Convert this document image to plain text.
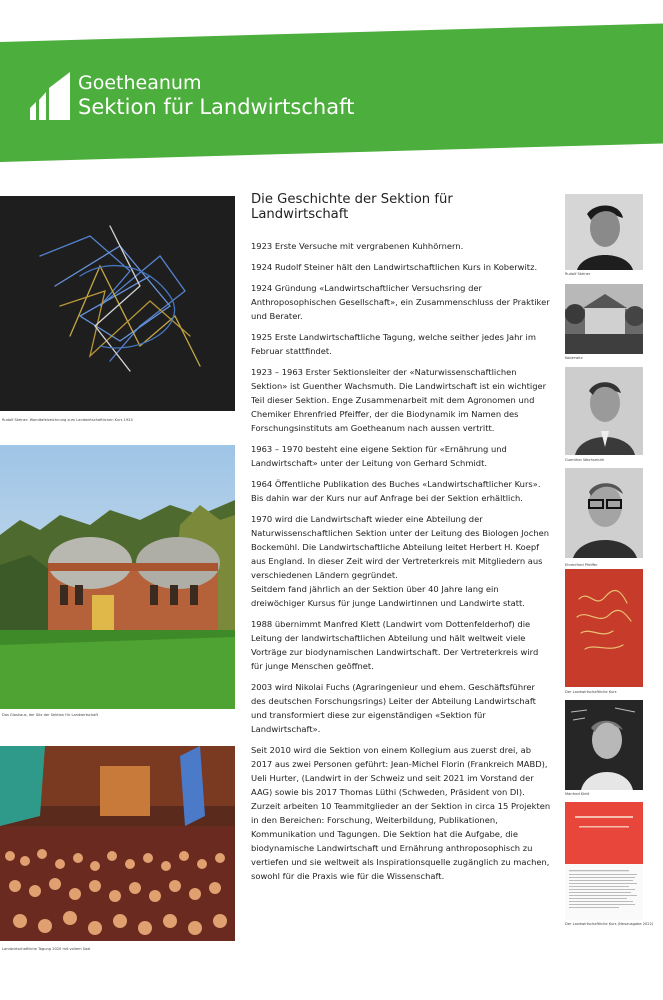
Goetheanum
Sektion für Landwirtschaft
Rudolf Steiner: Wandtafelzeichnung zum Landwirtschaftlichen Kurs 1924
Das Glashaus, der Sitz der Sektion für Landwirtschaft
Landwirtschaftliche Tagung 2020 mit vollem Saal
Die Geschichte der Sektion für Landwirtschaft

1923 Erste Versuche mit vergrabenen Kuhhörnern.

1924 Rudolf Steiner hält den Landwirtschaftlichen Kurs in Koberwitz.

1924 Gründung «Landwirtschaftlicher Versuchsring der Anthroposophischen Gesellschaft», ein Zusammenschluss der Praktiker und Berater.

1925 Erste Landwirtschaftliche Tagung, welche seither jedes Jahr im Februar stattfindet.

1923 – 1963 Erster Sektionsleiter der «Naturwissenschaftlichen Sektion» ist Guenther Wachsmuth. Die Landwirtschaft ist ein wichtiger Teil dieser Sektion. Enge Zusammenarbeit mit dem Agronomen und Chemiker Ehrenfried Pfeiffer, der die Biodynamik im Namen des Forschungsinstituts am Goetheanum nach aussen vertritt.

1963 – 1970 besteht eine eigene Sektion für «Ernährung und Landwirtschaft» unter der Leitung von Gerhard Schmidt.

1964 Öffentliche Publikation des Buches «Landwirtschaftlicher Kurs». Bis dahin war der Kurs nur auf Anfrage bei der Sektion erhältlich.

1970 wird die Landwirtschaft wieder eine Abteilung der Naturwissenschaftlichen Sektion unter der Leitung des Biologen Jochen Bockemühl. Die Landwirtschaftliche Abteilung leitet Herbert H. Koepf aus England. In dieser Zeit wird der Vertreterkreis mit Mitgliedern aus verschiedenen Ländern gegründet.

Seitdem fand jährlich an der Sektion über 40 Jahre lang ein dreiwöchiger Kursus für junge Landwirtinnen und Landwirte statt.

1988 übernimmt Manfred Klett (Landwirt vom Dottenfelderhof) die Leitung der landwirtschaftlichen Abteilung und hält weltweit viele Vorträge zur biodynamischen Landwirtschaft. Der Vertreterkreis wird für junge Menschen geöffnet.

2003 wird Nikolai Fuchs (Agraringenieur und ehem. Geschäftsführer des deutschen Forschungsrings) Leiter der Abteilung Landwirtschaft und transformiert diese zur eigenständigen «Sektion für Landwirtschaft».

Seit 2010 wird die Sektion von einem Kollegium aus zuerst drei, ab 2017 aus zwei Personen geführt: Jean-Michel Florin (Frankreich MABD), Ueli Hurter, (Landwirt in der Schweiz und seit 2021 im Vorstand der AAG) sowie bis 2017 Thomas Lüthi (Schweden, Präsident von DI). Zurzeit arbeiten 10 Teammitglieder an der Sektion in circa 15 Projekten in den Bereichen: Forschung, Weiterbildung, Publikationen, Kommunikation und Tagungen. Die Sektion hat die Aufgabe, die biodynamische Landwirtschaft und Ernährung anthroposophisch zu vertiefen und sie weltweit als Inspirationsquelle zugänglich zu machen, sowohl für die Praxis wie für die Wissenschaft.

Rudolf Steiner
Koberwitz
Guenther Wachsmuth
Ehrenfried Pfeiffer
Der Landwirtschaftliche Kurs
Manfred Klett
Der Landwirtschaftliche Kurs (Neuausgabe 2022)
